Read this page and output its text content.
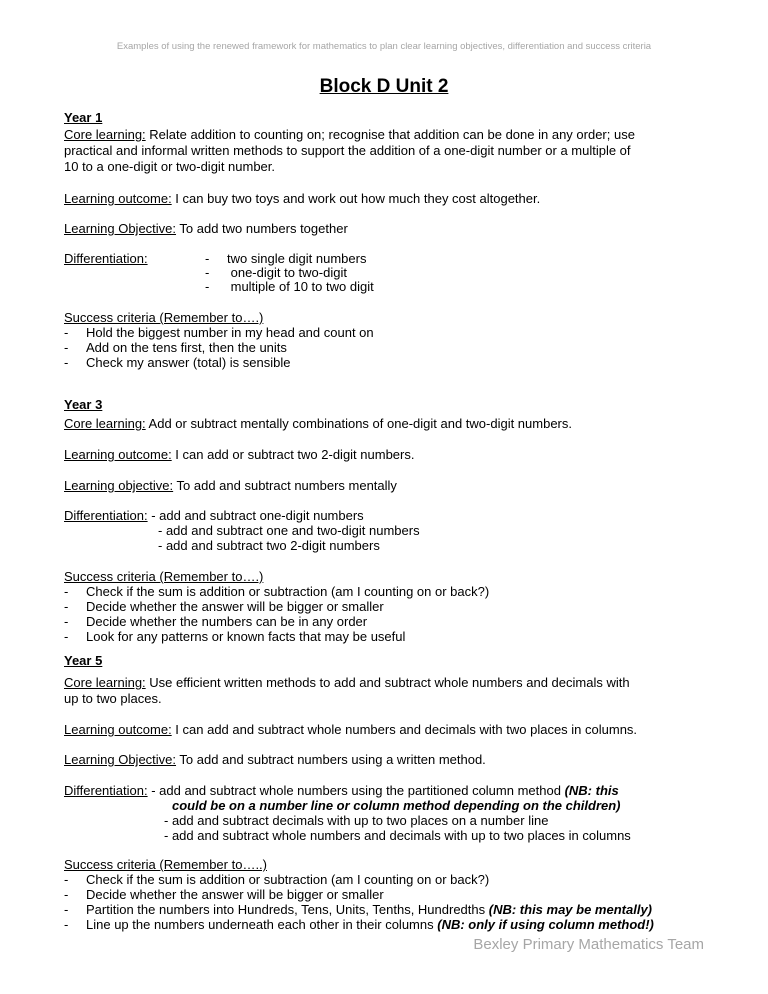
Examples of using the renewed framework for mathematics to plan clear learning objectives, differentiation and success criteria
Block D Unit 2
Year 1
Core learning: Relate addition to counting on; recognise that addition can be done in any order; use
practical and informal written methods to support the addition of a one-digit number or a multiple of
10 to a one-digit or two-digit number.
Learning outcome: I can buy two toys and work out how much they cost altogether.
Learning Objective: To add two numbers together
Differentiation:	- two single digit numbers
- one-digit to two-digit
- multiple of 10 to two digit
Success criteria (Remember to….)
- Hold the biggest number in my head and count on
- Add on the tens first, then the units
- Check my answer (total) is sensible
Year 3
Core learning: Add or subtract mentally combinations of one-digit and two-digit numbers.
Learning outcome: I can add or subtract two 2-digit numbers.
Learning objective: To add and subtract numbers mentally
Differentiation: - add and subtract one-digit numbers
- add and subtract one and two-digit numbers
- add and subtract two 2-digit numbers
Success criteria (Remember to….)
- Check if the sum is addition or subtraction (am I counting on or back?)
- Decide whether the answer will be bigger or smaller
- Decide whether the numbers can be in any order
- Look for any patterns or known facts that may be useful
Year 5
Core learning: Use efficient written methods to add and subtract whole numbers and decimals with
up to two places.
Learning outcome: I can add and subtract whole numbers and decimals with two places in columns.
Learning Objective: To add and subtract numbers using a written method.
Differentiation: - add and subtract whole numbers using the partitioned column method (NB: this
could be on a number line or column method depending on the children)
- add and subtract decimals with up to two places on a number line
- add and subtract whole numbers and decimals with up to two places in columns
Success criteria (Remember to…..)
- Check if the sum is addition or subtraction (am I counting on or back?)
- Decide whether the answer will be bigger or smaller
- Partition the numbers into Hundreds, Tens, Units, Tenths, Hundredths (NB: this may be mentally)
- Line up the numbers underneath each other in their columns (NB: only if using column method!)
Bexley Primary Mathematics Team
